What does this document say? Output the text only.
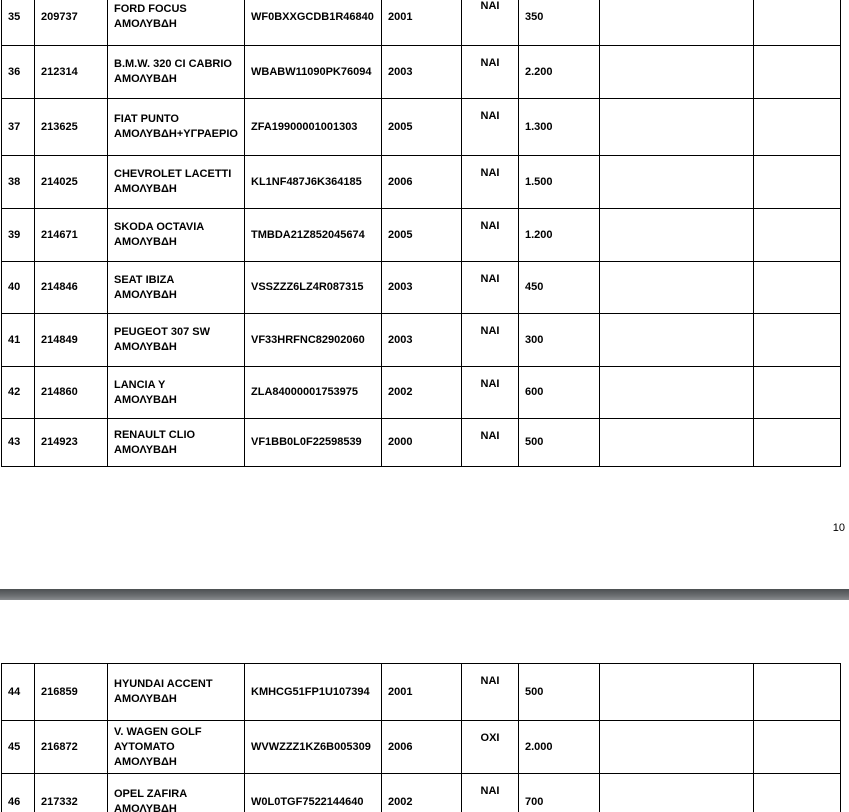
35	209737	FORD FOCUS
ΑΜΟΛΥΒΔΗ	WF0BXXGCDB1R46840	2001	ΝΑΙ	350		
36	212314	B.M.W. 320 CI CABRIO
ΑΜΟΛΥΒΔΗ	WBABW11090PK76094	2003	ΝΑΙ	2.200		
37	213625	FIAT PUNTO
ΑΜΟΛΥΒΔΗ+ΥΓΡΑΕΡΙΟ	ZFA19900001001303	2005	ΝΑΙ	1.300		
38	214025	CHEVROLET LACETTI
ΑΜΟΛΥΒΔΗ	KL1NF487J6K364185	2006	ΝΑΙ	1.500		
39	214671	SKODA OCTAVIA
ΑΜΟΛΥΒΔΗ	TMBDA21Z852045674	2005	ΝΑΙ	1.200		
40	214846	SEAT IBIZA
ΑΜΟΛΥΒΔΗ	VSSZZZ6LZ4R087315	2003	ΝΑΙ	450		
41	214849	PEUGEOT 307 SW
ΑΜΟΛΥΒΔΗ	VF33HRFNC82902060	2003	ΝΑΙ	300		
42	214860	LANCIA Y
ΑΜΟΛΥΒΔΗ	ZLA84000001753975	2002	ΝΑΙ	600		
43	214923	RENAULT CLIO
ΑΜΟΛΥΒΔΗ	VF1BB0L0F22598539	2000	ΝΑΙ	500		
10
44	216859	HYUNDAI ACCENT
ΑΜΟΛΥΒΔΗ	KMHCG51FP1U107394	2001	ΝΑΙ	500		
45	216872	V. WAGEN GOLF
AYTOMATO
ΑΜΟΛΥΒΔΗ	WVWZZZ1KZ6B005309	2006	ΟΧΙ	2.000		
46	217332	OPEL ZAFIRA
ΑΜΟΛΥΒΔΗ	W0L0TGF7522144640	2002	ΝΑΙ	700		
